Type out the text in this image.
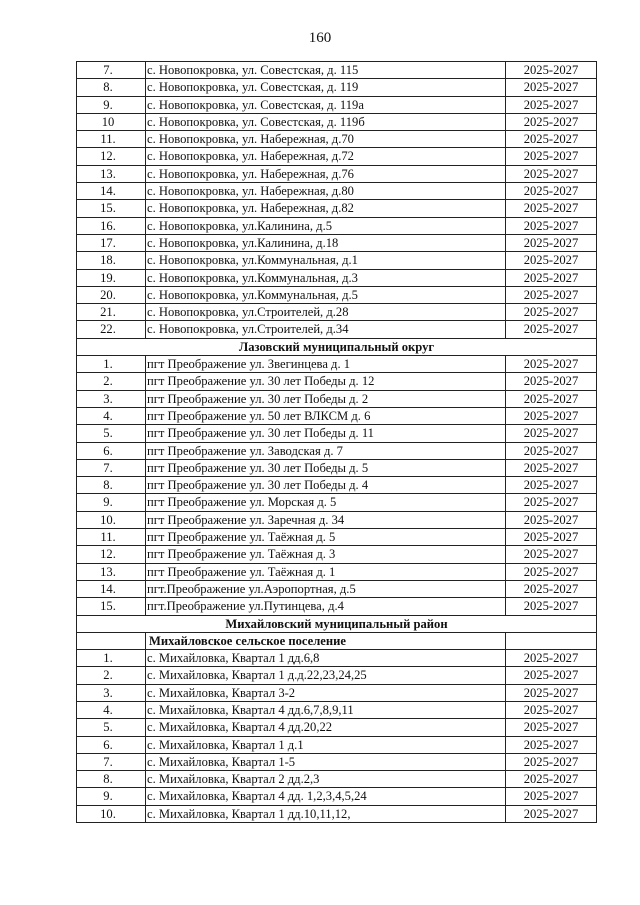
160
7.	с. Новопокровка, ул. Совестская, д. 115	2025-2027
8.	с. Новопокровка, ул. Совестская, д. 119	2025-2027
9.	с. Новопокровка, ул. Совестская, д. 119а	2025-2027
10	с. Новопокровка, ул. Совестская, д. 119б	2025-2027
11.	с. Новопокровка, ул. Набережная, д.70	2025-2027
12.	с. Новопокровка, ул. Набережная, д.72	2025-2027
13.	с. Новопокровка, ул. Набережная, д.76	2025-2027
14.	с. Новопокровка, ул. Набережная, д.80	2025-2027
15.	с. Новопокровка, ул. Набережная, д.82	2025-2027
16.	с. Новопокровка, ул.Калинина, д.5	2025-2027
17.	с. Новопокровка, ул.Калинина, д.18	2025-2027
18.	с. Новопокровка, ул.Коммунальная, д.1	2025-2027
19.	с. Новопокровка, ул.Коммунальная, д.3	2025-2027
20.	с. Новопокровка, ул.Коммунальная, д.5	2025-2027
21.	с. Новопокровка, ул.Строителей, д.28	2025-2027
22.	с. Новопокровка, ул.Строителей, д.34	2025-2027
Лазовский муниципальный округ		
1.	пгт Преображение ул. Звегинцева д. 1	2025-2027
2.	пгт Преображение ул. 30 лет Победы д. 12	2025-2027
3.	пгт Преображение ул. 30 лет Победы д. 2	2025-2027
4.	пгт Преображение ул. 50 лет ВЛКСМ д. 6	2025-2027
5.	пгт Преображение ул. 30 лет Победы д. 11	2025-2027
6.	пгт Преображение ул. Заводская д. 7	2025-2027
7.	пгт Преображение ул. 30 лет Победы д. 5	2025-2027
8.	пгт Преображение ул. 30 лет Победы д. 4	2025-2027
9.	пгт Преображение ул. Морская д. 5	2025-2027
10.	пгт Преображение ул. Заречная д. 34	2025-2027
11.	пгт Преображение ул. Таёжная д. 5	2025-2027
12.	пгт Преображение ул. Таёжная д. 3	2025-2027
13.	пгт Преображение ул. Таёжная д. 1	2025-2027
14.	пгт.Преображение ул.Аэропортная, д.5	2025-2027
15.	пгт.Преображение ул.Путинцева, д.4	2025-2027
Михайловский муниципальный район		
	Михайловское сельское поселение	
1.	с. Михайловка, Квартал 1 дд.6,8	2025-2027
2.	с. Михайловка, Квартал 1 д.д.22,23,24,25	2025-2027
3.	с. Михайловка, Квартал 3-2	2025-2027
4.	с. Михайловка, Квартал 4 дд.6,7,8,9,11	2025-2027
5.	с. Михайловка, Квартал 4 дд.20,22	2025-2027
6.	с. Михайловка, Квартал 1 д.1	2025-2027
7.	с. Михайловка, Квартал 1-5	2025-2027
8.	с. Михайловка, Квартал 2 дд.2,3	2025-2027
9.	с. Михайловка, Квартал 4 дд. 1,2,3,4,5,24	2025-2027
10.	с. Михайловка, Квартал 1 дд.10,11,12,	2025-2027
